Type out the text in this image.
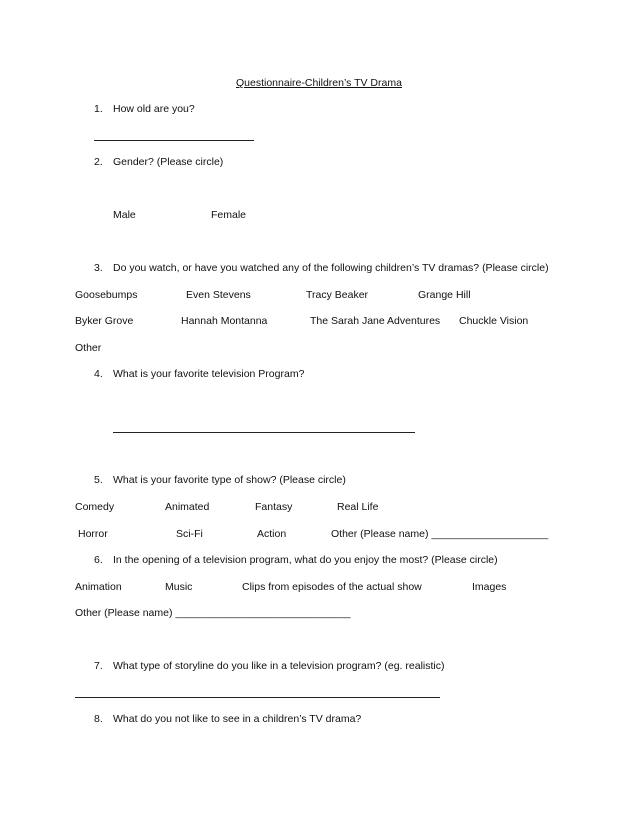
Questionnaire-Children’s TV Drama
1. How old are you?
2. Gender? (Please circle)
Male	Female
3. Do you watch, or have you watched any of the following children’s TV dramas? (Please circle)
Goosebumps	Even Stevens	Tracy Beaker	Grange Hill
Byker Grove	Hannah Montanna	The Sarah Jane Adventures Chuckle Vision
Other
4. What is your favorite television Program?
5. What is your favorite type of show? (Please circle)
Comedy	Animated	Fantasy	Real Life
Horror	Sci-Fi	Action	Other (Please name) ____________________
6. In the opening of a television program, what do you enjoy the most? (Please circle)
Animation	Music	Clips from episodes of the actual show	Images
Other (Please name) ______________________________
7. What type of storyline do you like in a television program? (eg. realistic)
8. What do you not like to see in a children’s TV drama?
